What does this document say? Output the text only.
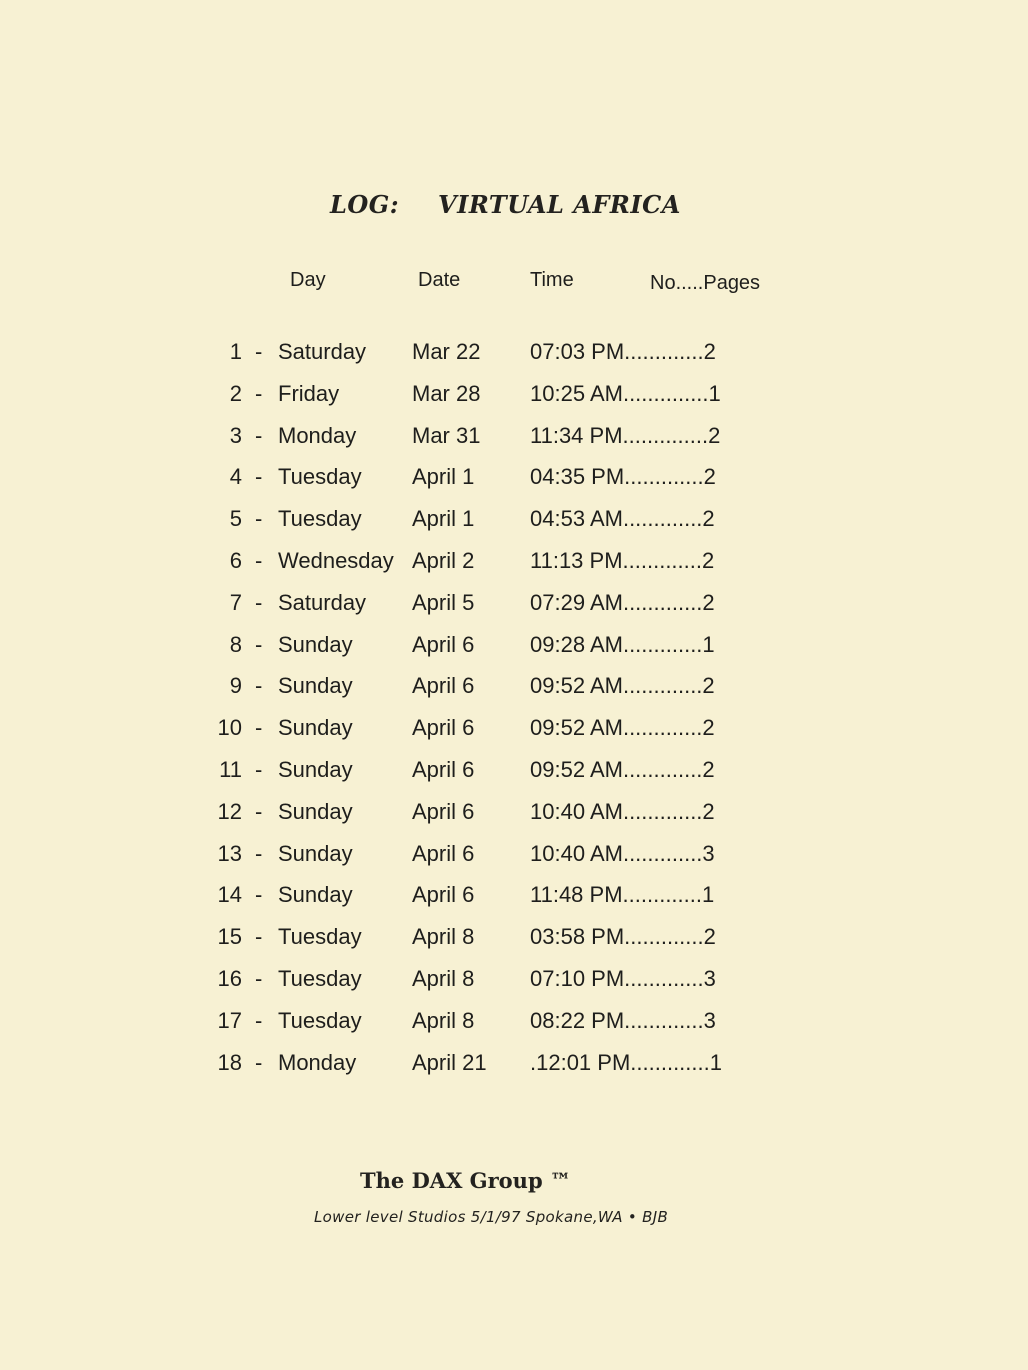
LOG: VIRTUAL AFRICA
Day	Date	Time	No.....Pages
1 - Saturday Mar 22	07:03 PM.............2
2 - Friday	Mar 28	10:25 AM..............1
3 - Monday	Mar 31	11:34 PM..............2
4 - Tuesday April 1	04:35 PM.............2
5 - Tuesday April 1	04:53 AM.............2
6 - Wednesday April 2	11:13 PM.............2
7 - Saturday April 5	07:29 AM.............2
8 - Sunday	April 6	09:28 AM.............1
9 - Sunday	April 6	09:52 AM.............2
10 - Sunday	April 6	09:52 AM.............2
11 - Sunday	April 6	09:52 AM.............2
12 - Sunday	April 6	10:40 AM.............2
13 - Sunday	April 6	10:40 AM.............3
14 - Sunday	April 6	11:48 PM.............1
15 - Tuesday April 8	03:58 PM.............2
16 - Tuesday April 8	07:10 PM.............3
17 - Tuesday April 8	08:22 PM.............3
18 - Monday	April 21 .12:01 PM.............1
The DAX Group ™
Lower level Studios 5/1/97 Spokane,WA • BJB
